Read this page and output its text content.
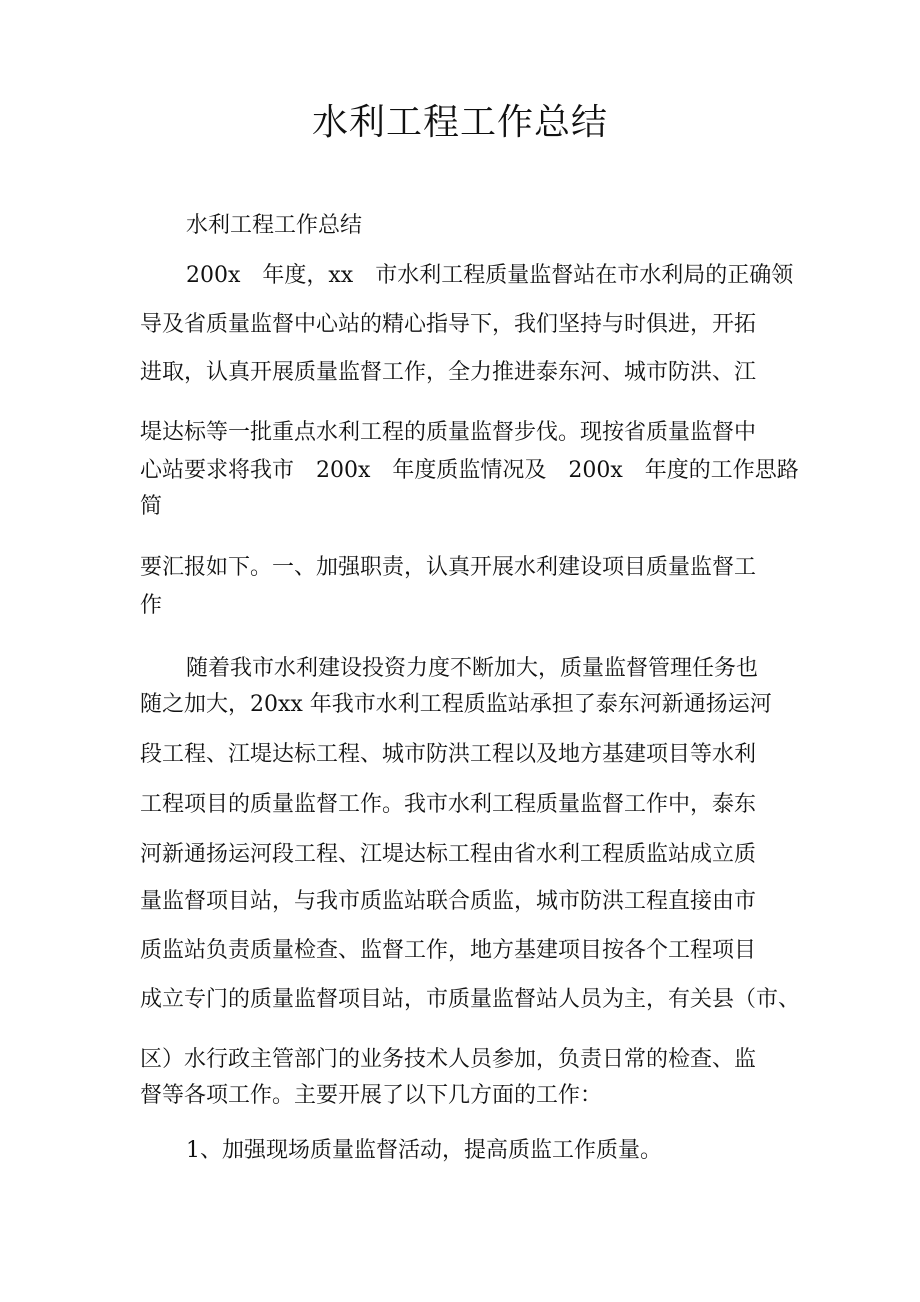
水利工程工作总结
水利工程工作总结
200x　年度，xx　市水利工程质量监督站在市水利局的正确领
导及省质量监督中心站的精心指导下，我们坚持与时俱进，开拓
进取，认真开展质量监督工作，全力推进泰东河、城市防洪、江
堤达标等一批重点水利工程的质量监督步伐。现按省质量监督中
心站要求将我市　200x　年度质监情况及　200x　年度的工作思路
简
要汇报如下。一、加强职责，认真开展水利建设项目质量监督工
作
随着我市水利建设投资力度不断加大，质量监督管理任务也
随之加大，20xx 年我市水利工程质监站承担了泰东河新通扬运河
段工程、江堤达标工程、城市防洪工程以及地方基建项目等水利
工程项目的质量监督工作。我市水利工程质量监督工作中，泰东
河新通扬运河段工程、江堤达标工程由省水利工程质监站成立质
量监督项目站，与我市质监站联合质监，城市防洪工程直接由市
质监站负责质量检查、监督工作，地方基建项目按各个工程项目
成立专门的质量监督项目站，市质量监督站人员为主，有关县（市、
区）水行政主管部门的业务技术人员参加，负责日常的检查、监
督等各项工作。主要开展了以下几方面的工作：
1、加强现场质量监督活动，提高质监工作质量。
